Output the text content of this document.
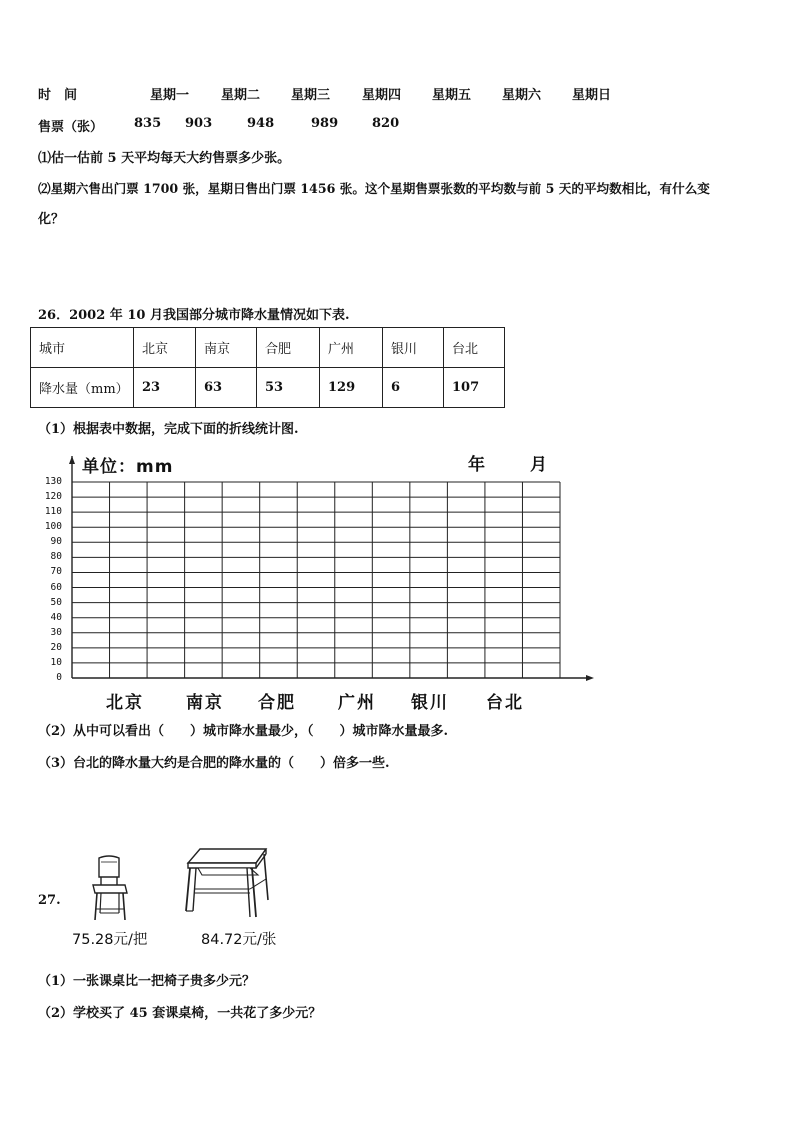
时　间	星期一 星期二 星期三 星期四 星期五 星期六 星期日
售票（张） 835 903	948	989	820
⑴估一估前 5 天平均每天大约售票多少张。
⑵星期六售出门票 1700 张，星期日售出门票 1456 张。这个星期售票张数的平均数与前 5 天的平均数相比，有什么变
化？
26．2002 年 10 月我国部分城市降水量情况如下表.
城市	北京	南京	合肥	广州	银川	台北
降水量（mm）	23	63	53	129	6	107
（1）根据表中数据，完成下面的折线统计图.
单位：mm	年	月
0
10
20
30
40
50
60
70
80
90
100
110
120
130
北京 南京 合肥 广州 银川 台北
（2）从中可以看出（　　）城市降水量最少，（　　）城市降水量最多.
（3）台北的降水量大约是合肥的降水量的（　　）倍多一些.
27.
75.28元/把	84.72元/张
（1）一张课桌比一把椅子贵多少元？
（2）学校买了 45 套课桌椅，一共花了多少元？
